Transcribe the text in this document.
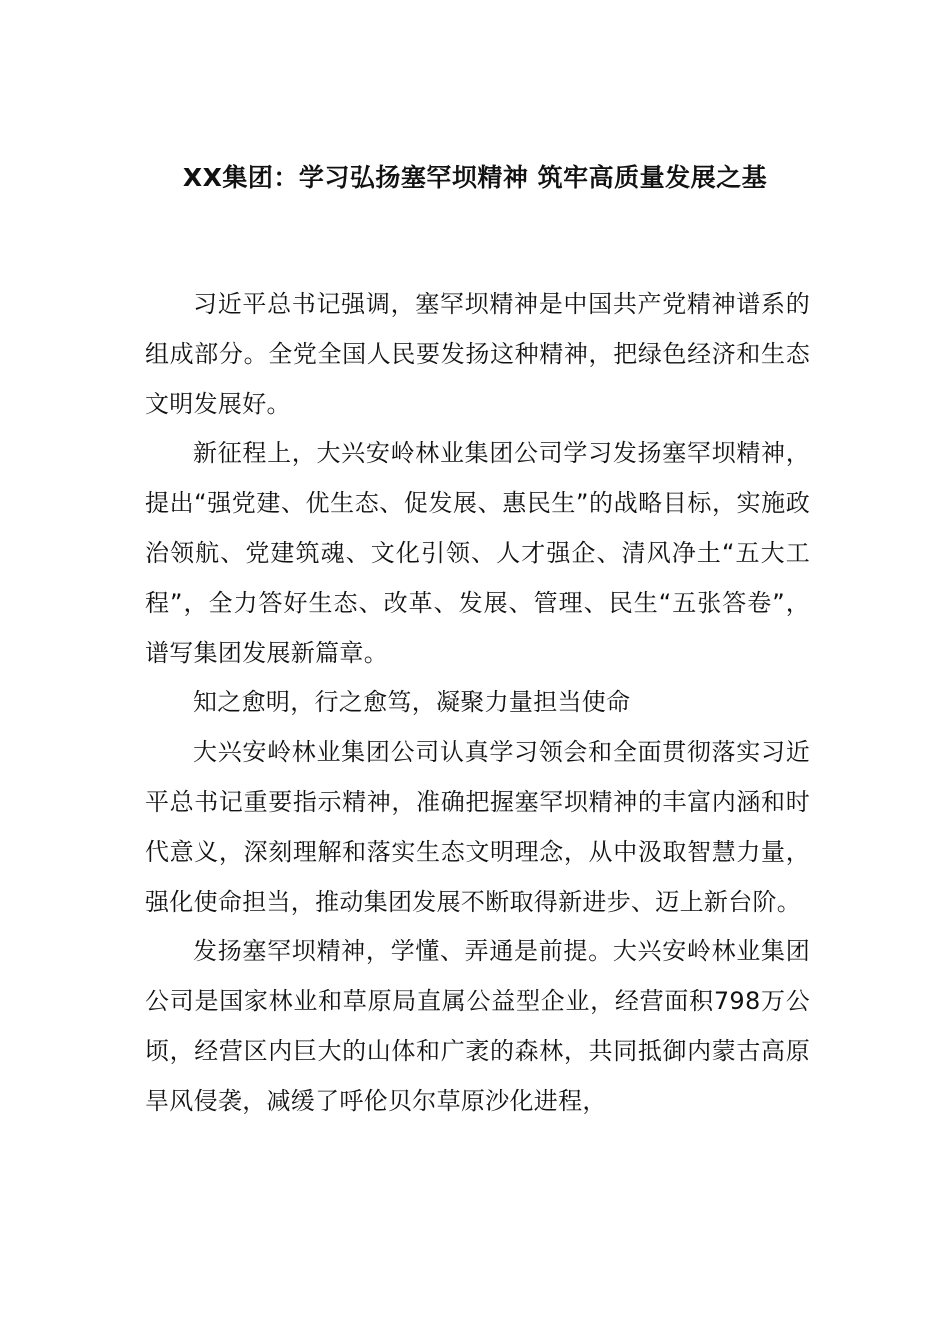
XX集团：学习弘扬塞罕坝精神 筑牢高质量发展之基

习近平总书记强调，塞罕坝精神是中国共产党精神谱系的组成部分。全党全国人民要发扬这种精神，把绿色经济和生态文明发展好。

新征程上，大兴安岭林业集团公司学习发扬塞罕坝精神，提出“强党建、优生态、促发展、惠民生”的战略目标，实施政治领航、党建筑魂、文化引领、人才强企、清风净土“五大工程”，全力答好生态、改革、发展、管理、民生“五张答卷”，谱写集团发展新篇章。

知之愈明，行之愈笃，凝聚力量担当使命

大兴安岭林业集团公司认真学习领会和全面贯彻落实习近平总书记重要指示精神，准确把握塞罕坝精神的丰富内涵和时代意义，深刻理解和落实生态文明理念，从中汲取智慧力量，强化使命担当，推动集团发展不断取得新进步、迈上新台阶。

发扬塞罕坝精神，学懂、弄通是前提。大兴安岭林业集团公司是国家林业和草原局直属公益型企业，经营面积798万公顷，经营区内巨大的山体和广袤的森林，共同抵御内蒙古高原旱风侵袭，减缓了呼伦贝尔草原沙化进程，
